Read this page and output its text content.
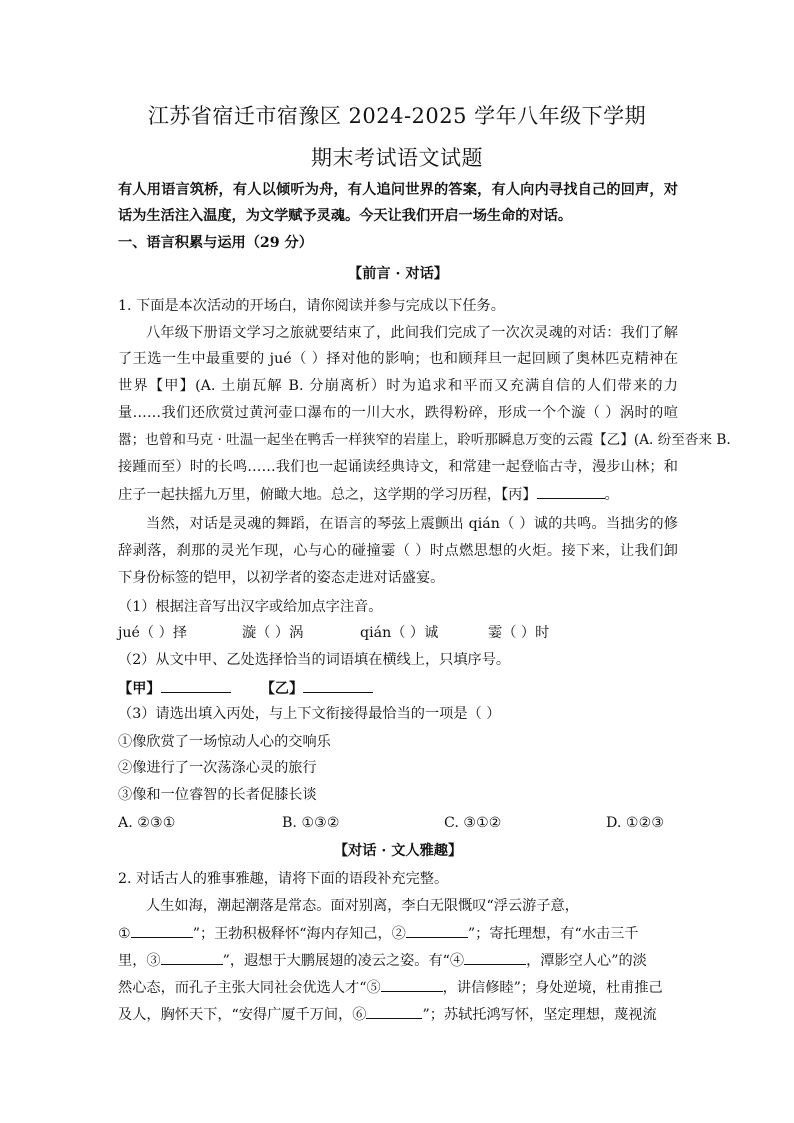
江苏省宿迁市宿豫区 2024-2025 学年八年级下学期
期末考试语文试题
有人用语言筑桥，有人以倾听为舟，有人追问世界的答案，有人向内寻找自己的回声，对
话为生活注入温度，为文学赋予灵魂。今天让我们开启一场生命的对话。
一、语言积累与运用（29 分）
【前言 · 对话】
1. 下面是本次活动的开场白，请你阅读并参与完成以下任务。
八年级下册语文学习之旅就要结束了，此间我们完成了一次次灵魂的对话：我们了解
了王选一生中最重要的 jué（ ）择对他的影响；也和顾拜旦一起回顾了奥林匹克精神在
世界【甲】(A. 土崩瓦解 B. 分崩离析）时为追求和平而又充满自信的人们带来的力
量……我们还欣赏过黄河壶口瀑布的一川大水，跌得粉碎，形成一个个漩（ ）涡时的喧
嚣；也曾和马克 · 吐温一起坐在鸭舌一样狭窄的岩崖上，聆听那瞬息万变的云霞【乙】(A. 纷至沓来 B.
接踵而至）时的长鸣……我们也一起诵读经典诗文，和常建一起登临古寺，漫步山林；和
庄子一起扶摇九万里，俯瞰大地。总之，这学期的学习历程，【丙】	。
当然，对话是灵魂的舞蹈，在语言的琴弦上震颤出 qián（ ）诚的共鸣。当拙劣的修
辞剥落，刹那的灵光乍现，心与心的碰撞霎（ ）时点燃思想的火炬。接下来，让我们卸
下身份标签的铠甲，以初学者的姿态走进对话盛宴。
（1）根据注音写出汉字或给加点字注音。
jué（ ）择	漩（ ）涡	qián（ ）诚	霎（ ）时
（2）从文中甲、乙处选择恰当的词语填在横线上，只填序号。
【甲】	【乙】
（3）请选出填入丙处，与上下文衔接得最恰当的一项是（ ）
①像欣赏了一场惊动人心的交响乐
②像进行了一次荡涤心灵的旅行
③像和一位睿智的长者促膝长谈
A. ②③①	B. ①③②	C. ③①②	D. ①②③
【对话 · 文人雅趣】
2. 对话古人的雅事雅趣，请将下面的语段补充完整。
人生如海，潮起潮落是常态。面对别离，李白无限慨叹“浮云游子意，
①	”；王勃积极释怀“海内存知己，②	”；寄托理想，有“水击三千
里，③	”，遐想于大鹏展翅的凌云之姿。有“④	，潭影空人心”的淡
然心态，而孔子主张大同社会优选人才“⑤	，讲信修睦”；身处逆境，杜甫推己
及人，胸怀天下，“安得广厦千万间，⑥	”；苏轼托鸿写怀，坚定理想，蔑视流
